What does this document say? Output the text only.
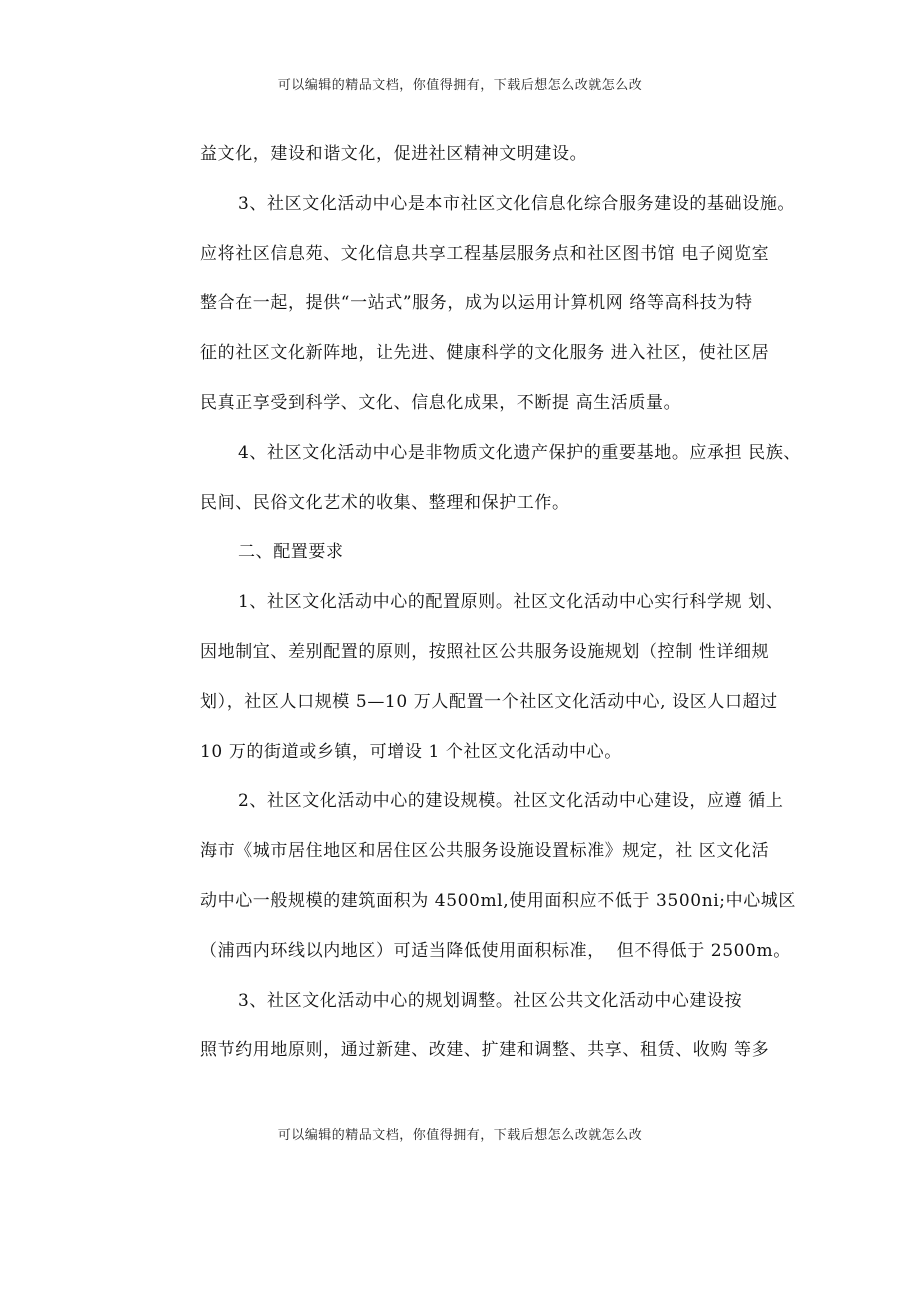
可以编辑的精品文档，你值得拥有，下载后想怎么改就怎么改
益文化，建设和谐文化，促进社区精神文明建设。
3、社区文化活动中心是本市社区文化信息化综合服务建设的基础设施。
应将社区信息苑、文化信息共享工程基层服务点和社区图书馆 电子阅览室
整合在一起，提供“一站式”服务，成为以运用计算机网 络等高科技为特
征的社区文化新阵地，让先进、健康科学的文化服务 进入社区，使社区居
民真正享受到科学、文化、信息化成果，不断提 高生活质量。
4、社区文化活动中心是非物质文化遗产保护的重要基地。应承担 民族、
民间、民俗文化艺术的收集、整理和保护工作。
二、配置要求
1、社区文化活动中心的配置原则。社区文化活动中心实行科学规 划、
因地制宜、差别配置的原则，按照社区公共服务设施规划（控制 性详细规
划），社区人口规模 5—10 万人配置一个社区文化活动中心, 设区人口超过
10 万的街道或乡镇，可增设 1 个社区文化活动中心。
2、社区文化活动中心的建设规模。社区文化活动中心建设，应遵 循上
海市《城市居住地区和居住区公共服务设施设置标准》规定，社 区文化活
动中心一般规模的建筑面积为 4500ml,使用面积应不低于 3500ni;中心城区
（浦西内环线以内地区）可适当降低使用面积标准，  但不得低于 2500m。
3、社区文化活动中心的规划调整。社区公共文化活动中心建设按
照节约用地原则，通过新建、改建、扩建和调整、共享、租赁、收购 等多
可以编辑的精品文档，你值得拥有，下载后想怎么改就怎么改
